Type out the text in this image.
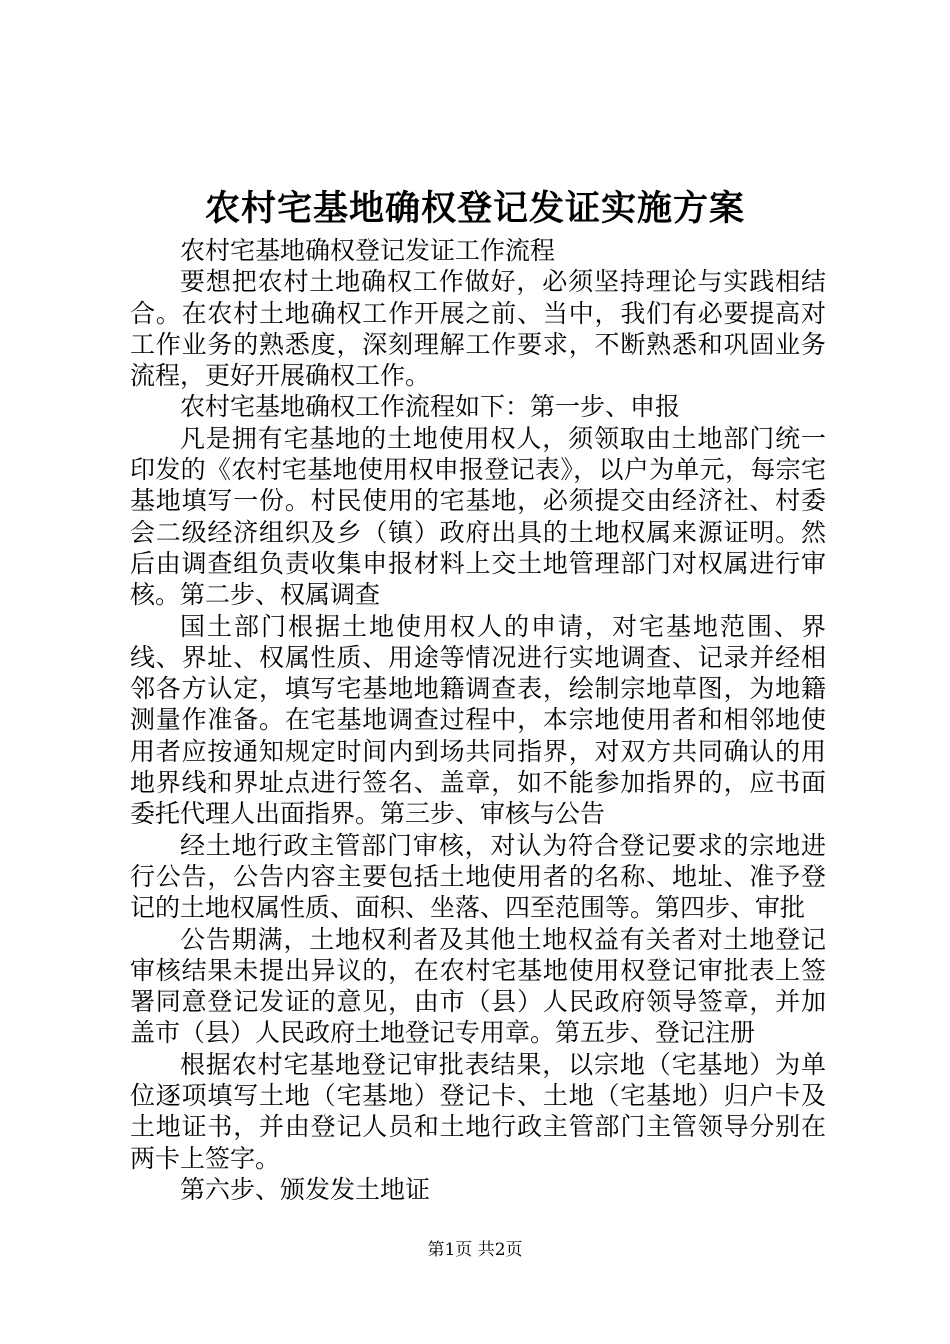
农村宅基地确权登记发证实施方案

农村宅基地确权登记发证工作流程

要想把农村土地确权工作做好，必须坚持理论与实践相结合。在农村土地确权工作开展之前、当中，我们有必要提高对工作业务的熟悉度，深刻理解工作要求，不断熟悉和巩固业务流程，更好开展确权工作。

农村宅基地确权工作流程如下：第一步、申报

凡是拥有宅基地的土地使用权人，须领取由土地部门统一印发的《农村宅基地使用权申报登记表》，以户为单元，每宗宅基地填写一份。村民使用的宅基地，必须提交由经济社、村委会二级经济组织及乡（镇）政府出具的土地权属来源证明。然后由调查组负责收集申报材料上交土地管理部门对权属进行审核。第二步、权属调查

国土部门根据土地使用权人的申请，对宅基地范围、界线、界址、权属性质、用途等情况进行实地调查、记录并经相邻各方认定，填写宅基地地籍调查表，绘制宗地草图，为地籍测量作准备。在宅基地调查过程中，本宗地使用者和相邻地使用者应按通知规定时间内到场共同指界，对双方共同确认的用地界线和界址点进行签名、盖章，如不能参加指界的，应书面委托代理人出面指界。第三步、审核与公告

经土地行政主管部门审核，对认为符合登记要求的宗地进行公告，公告内容主要包括土地使用者的名称、地址、准予登记的土地权属性质、面积、坐落、四至范围等。第四步、审批

公告期满，土地权利者及其他土地权益有关者对土地登记审核结果未提出异议的，在农村宅基地使用权登记审批表上签署同意登记发证的意见，由市（县）人民政府领导签章，并加盖市（县）人民政府土地登记专用章。第五步、登记注册

根据农村宅基地登记审批表结果，以宗地（宅基地）为单位逐项填写土地（宅基地）登记卡、土地（宅基地）归户卡及土地证书，并由登记人员和土地行政主管部门主管领导分别在两卡上签字。

第六步、颁发发土地证

第1页 共2页
